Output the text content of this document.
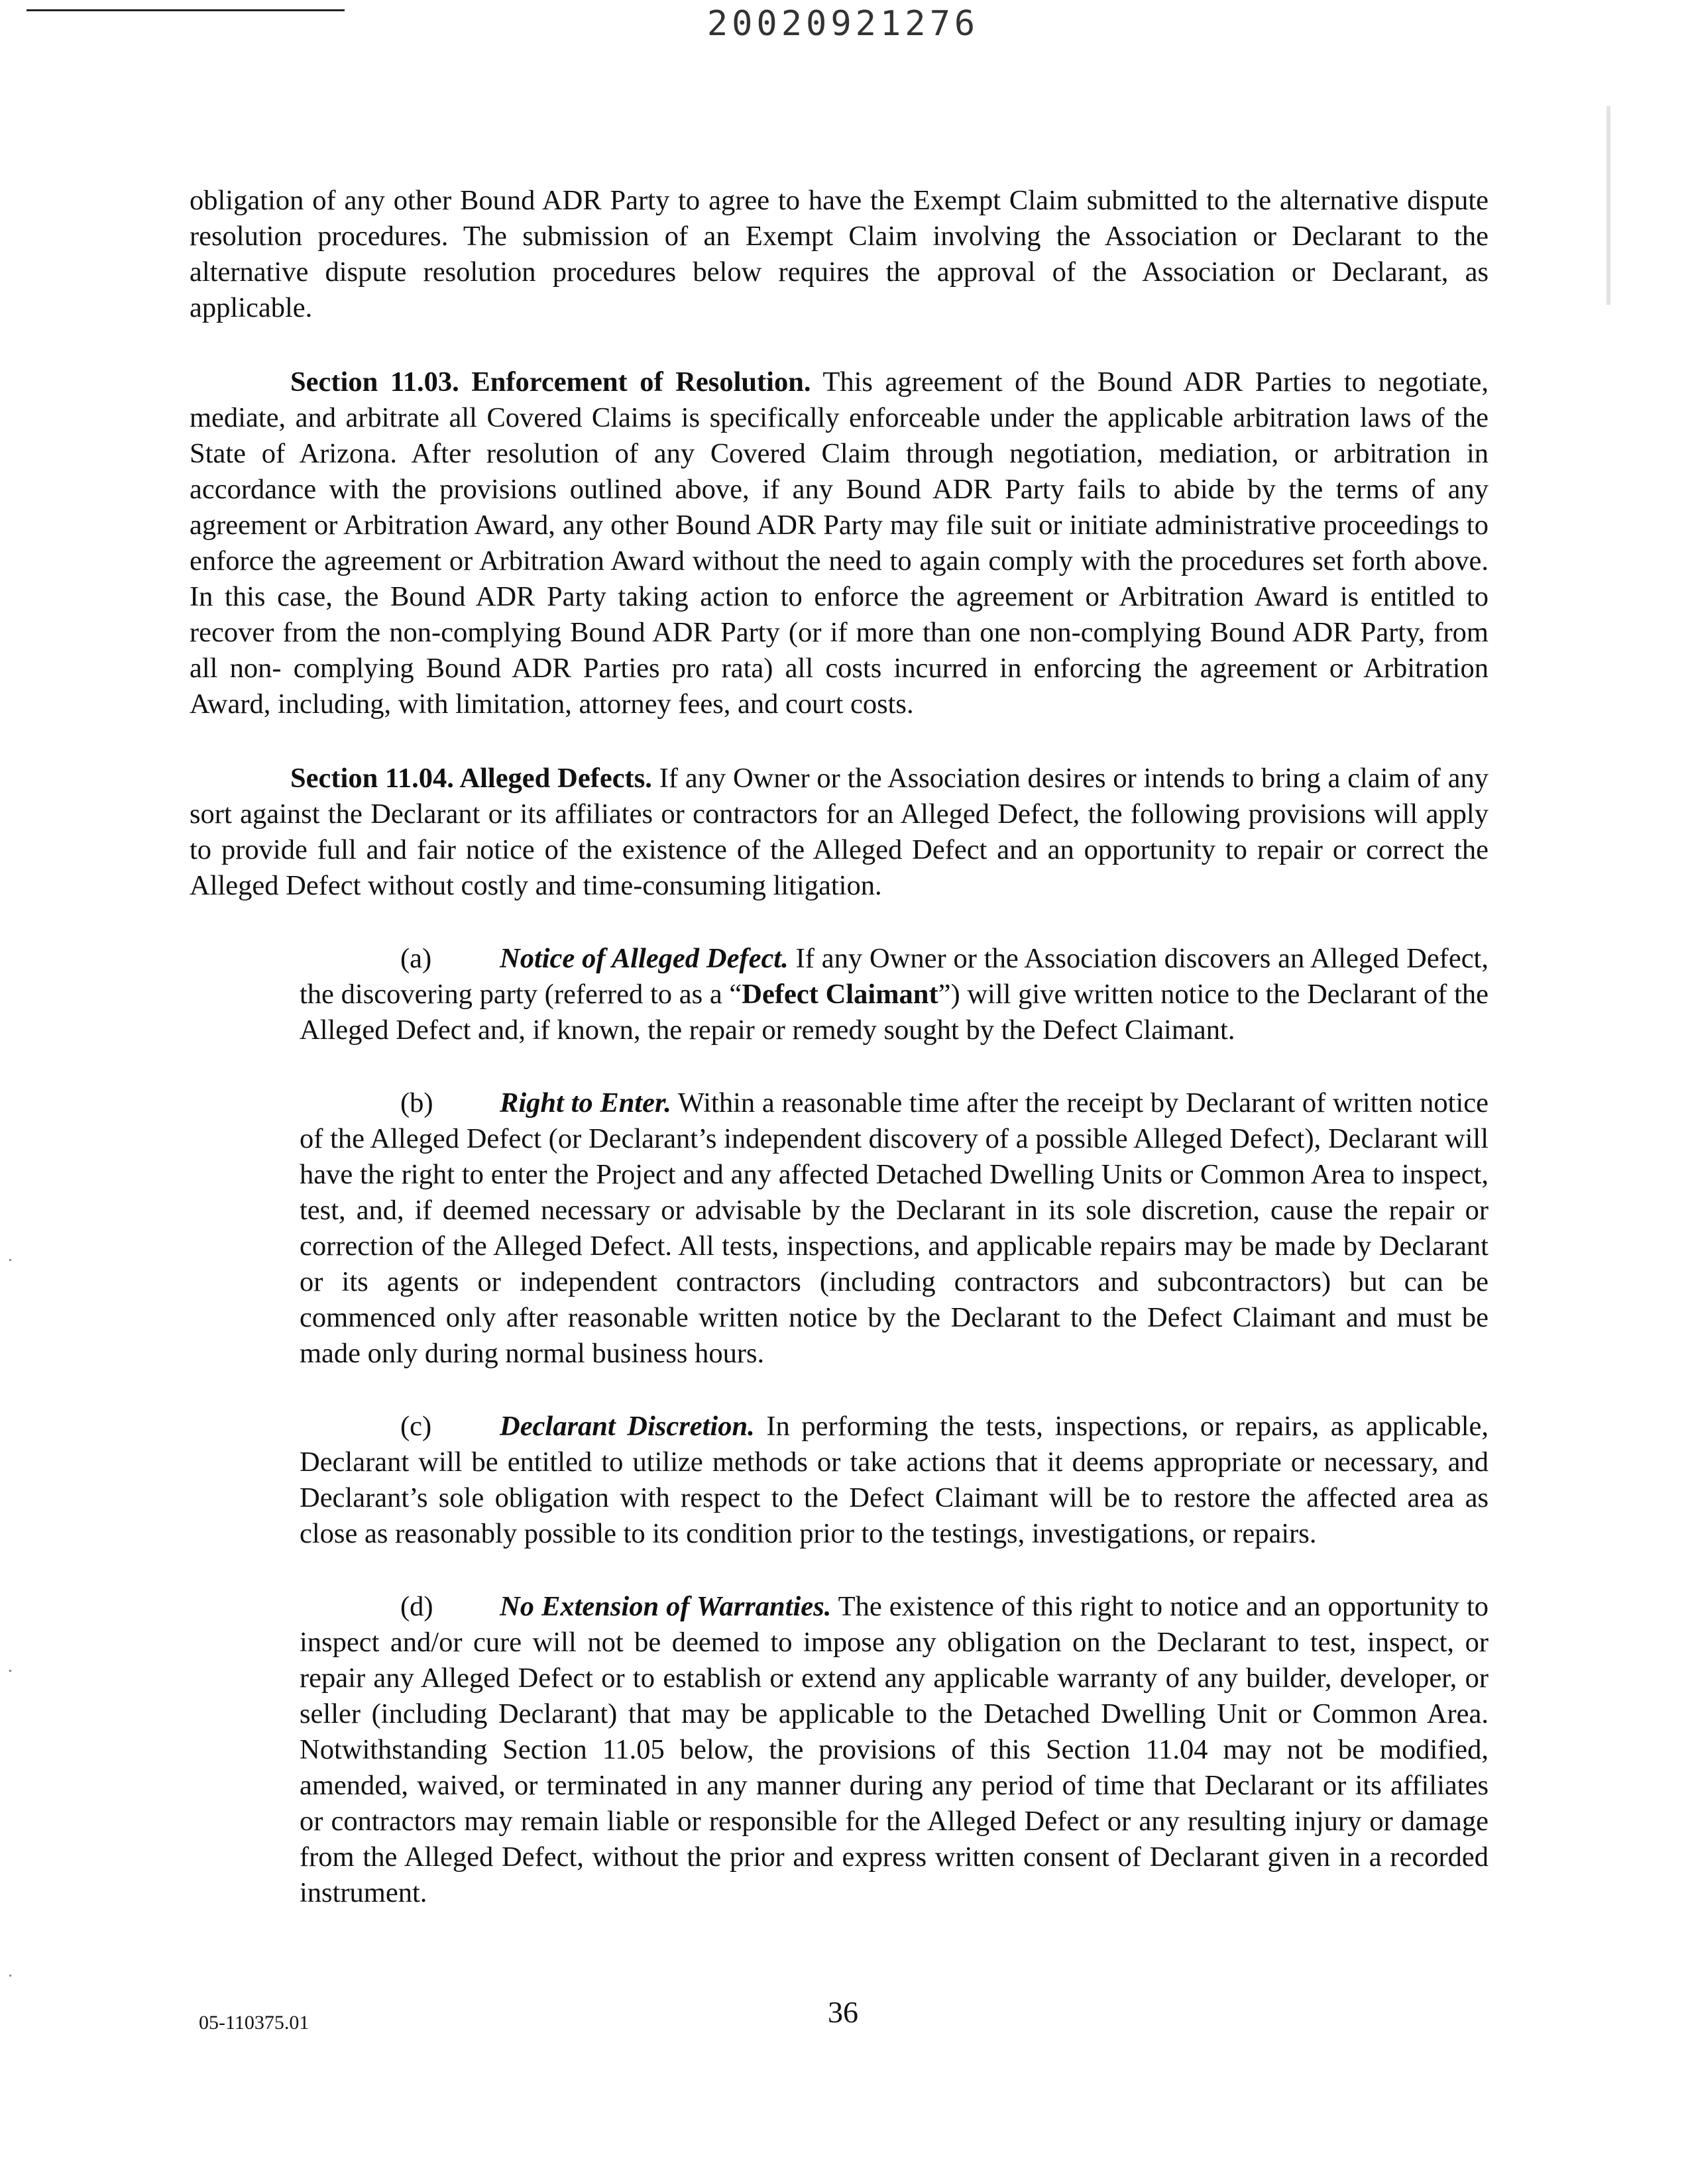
20020921276

obligation of any other Bound ADR Party to agree to have the Exempt Claim submitted to the alternative dispute resolution procedures. The submission of an Exempt Claim involving the Association or Declarant to the alternative dispute resolution procedures below requires the approval of the Association or Declarant, as applicable.

Section 11.03. Enforcement of Resolution. This agreement of the Bound ADR Parties to negotiate, mediate, and arbitrate all Covered Claims is specifically enforceable under the applicable arbitration laws of the State of Arizona. After resolution of any Covered Claim through negotiation, mediation, or arbitration in accordance with the provisions outlined above, if any Bound ADR Party fails to abide by the terms of any agreement or Arbitration Award, any other Bound ADR Party may file suit or initiate administrative proceedings to enforce the agreement or Arbitration Award without the need to again comply with the procedures set forth above. In this case, the Bound ADR Party taking action to enforce the agreement or Arbitration Award is entitled to recover from the non-complying Bound ADR Party (or if more than one non-complying Bound ADR Party, from all non- complying Bound ADR Parties pro rata) all costs incurred in enforcing the agreement or Arbitration Award, including, with limitation, attorney fees, and court costs.

Section 11.04. Alleged Defects. If any Owner or the Association desires or intends to bring a claim of any sort against the Declarant or its affiliates or contractors for an Alleged Defect, the following provisions will apply to provide full and fair notice of the existence of the Alleged Defect and an opportunity to repair or correct the Alleged Defect without costly and time-consuming litigation.

(a) Notice of Alleged Defect. If any Owner or the Association discovers an Alleged Defect, the discovering party (referred to as a “Defect Claimant”) will give written notice to the Declarant of the Alleged Defect and, if known, the repair or remedy sought by the Defect Claimant.

(b) Right to Enter. Within a reasonable time after the receipt by Declarant of written notice of the Alleged Defect (or Declarant’s independent discovery of a possible Alleged Defect), Declarant will have the right to enter the Project and any affected Detached Dwelling Units or Common Area to inspect, test, and, if deemed necessary or advisable by the Declarant in its sole discretion, cause the repair or correction of the Alleged Defect. All tests, inspections, and applicable repairs may be made by Declarant or its agents or independent contractors (including contractors and subcontractors) but can be commenced only after reasonable written notice by the Declarant to the Defect Claimant and must be made only during normal business hours.

(c) Declarant Discretion. In performing the tests, inspections, or repairs, as applicable, Declarant will be entitled to utilize methods or take actions that it deems appropriate or necessary, and Declarant’s sole obligation with respect to the Defect Claimant will be to restore the affected area as close as reasonably possible to its condition prior to the testings, investigations, or repairs.

(d) No Extension of Warranties. The existence of this right to notice and an opportunity to inspect and/or cure will not be deemed to impose any obligation on the Declarant to test, inspect, or repair any Alleged Defect or to establish or extend any applicable warranty of any builder, developer, or seller (including Declarant) that may be applicable to the Detached Dwelling Unit or Common Area. Notwithstanding Section 11.05 below, the provisions of this Section 11.04 may not be modified, amended, waived, or terminated in any manner during any period of time that Declarant or its affiliates or contractors may remain liable or responsible for the Alleged Defect or any resulting injury or damage from the Alleged Defect, without the prior and express written consent of Declarant given in a recorded instrument.

05-110375.01	36
